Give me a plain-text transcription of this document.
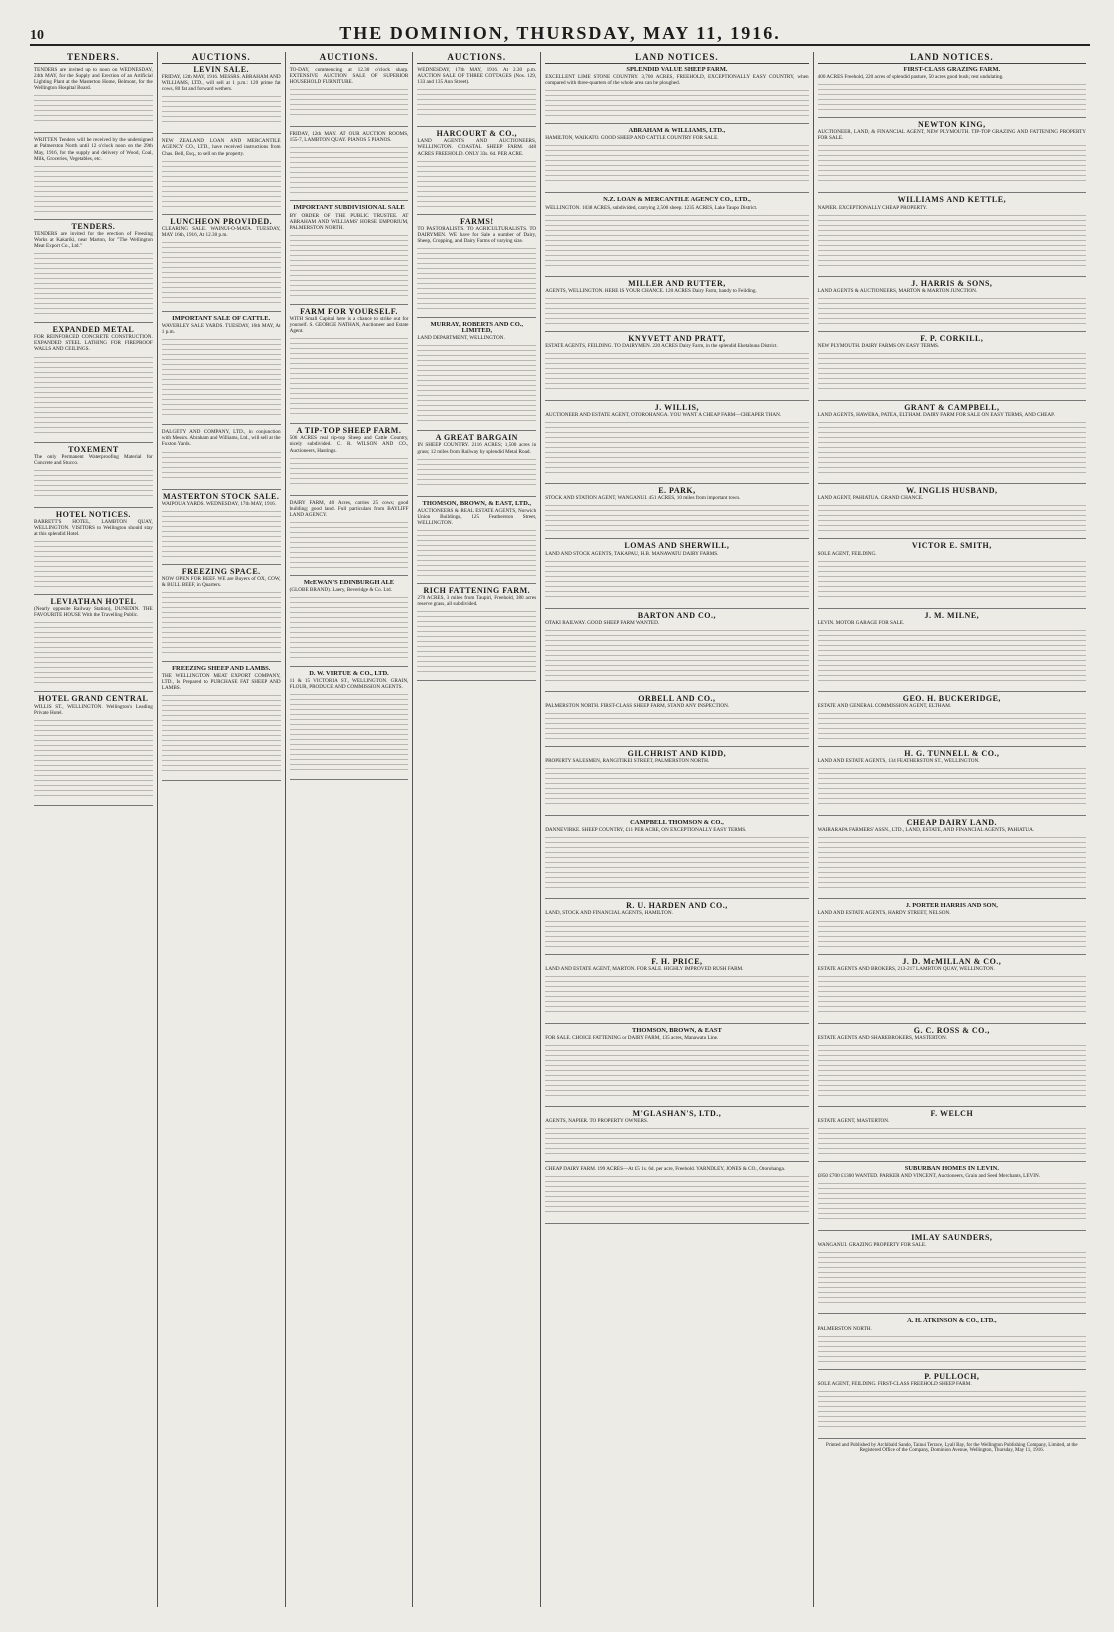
10	THE DOMINION, THURSDAY, MAY 11, 1916.
TENDERS.
TENDERS are invited up to noon on WEDNESDAY, 24th MAY, for the Supply and Erection of an Artificial Lighting Plant at the Masterton Home, Belmont, for the Wellington Hospital Board.
WRITTEN Tenders will be received by the undersigned at Palmerston North until 12 o'clock noon on the 29th May, 1916, for the supply and delivery of Wood, Coal, Milk, Groceries, Vegetables, etc.
TENDERS.
TENDERS are invited for the erection of Freezing Works at Kakariki, near Marton, for "The Wellington Meat Export Co., Ltd."
EXPANDED METAL
FOR REINFORCED CONCRETE CONSTRUCTION. EXPANDED STEEL LATHING FOR FIREPROOF WALLS AND CEILINGS.
TOXEMENT
The only Permanent Waterproofing Material for Concrete and Stucco.
HOTEL NOTICES.
BARRETT'S HOTEL, LAMBTON QUAY, WELLINGTON. VISITORS to Wellington should stay at this splendid Hotel.
LEVIATHAN HOTEL
(Nearly opposite Railway Station), DUNEDIN. THE FAVOURITE HOUSE With the Travelling Public.
HOTEL GRAND CENTRAL
WILLIS ST., WELLINGTON. Wellington's Leading Private Hotel.
AUCTIONS.
LEVIN SALE.
FRIDAY, 12th MAY, 1916. MESSRS. ABRAHAM AND WILLIAMS, LTD., will sell at 1 p.m.: 120 prime fat cows, 80 fat and forward wethers.
NEW ZEALAND LOAN AND MERCANTILE AGENCY CO., LTD., have received instructions from Chas. Bell, Esq., to sell on the property.
LUNCHEON PROVIDED.
CLEARING SALE. WAINUI-O-MATA. TUESDAY, MAY 16th, 1916, At 12.30 p.m.
IMPORTANT SALE OF CATTLE.
WAVERLEY SALE YARDS. TUESDAY, 16th MAY, At 1 p.m.
DALGETY AND COMPANY, LTD., in conjunction with Messrs. Abraham and Williams, Ltd., will sell at the Foxton Yards.
MASTERTON STOCK SALE.
WAIPOUA YARDS. WEDNESDAY, 17th MAY, 1916.
FREEZING SPACE.
NOW OPEN FOR BEEF. WE are Buyers of OX, COW, & BULL BEEF, in Quarters.
FREEZING SHEEP AND LAMBS.
THE WELLINGTON MEAT EXPORT COMPANY, LTD., Is Prepared to PURCHASE FAT SHEEP AND LAMBS.
AUCTIONS.
TO-DAY, commencing at 12.30 o'clock sharp. EXTENSIVE AUCTION SALE OF SUPERIOR HOUSEHOLD FURNITURE.
FRIDAY, 12th MAY. AT OUR AUCTION ROOMS, 155-7, LAMBTON QUAY. PIANOS 5 PIANOS.
IMPORTANT SUBDIVISIONAL SALE
BY ORDER OF THE PUBLIC TRUSTEE. AT ABRAHAM AND WILLIAMS' HORSE EMPORIUM, PALMERSTON NORTH.
FARM FOR YOURSELF.
WITH Small Capital here is a chance to strike out for yourself. S. GEORGE NATHAN, Auctioneer and Estate Agent.
A TIP-TOP SHEEP FARM.
506 ACRES real tip-top Sheep and Cattle Country, nicely subdivided. C. R. WILSON AND CO., Auctioneers, Hastings.
DAIRY FARM, 40 Acres, carries 25 cows; good building; good land. Full particulars from BAYLIFF LAND AGENCY.
McEWAN'S EDINBURGH ALE
(GLOBE BRAND). Laery, Beveridge & Co. Ltd.
D. W. VIRTUE & CO., LTD.
11 & 15 VICTORIA ST., WELLINGTON. GRAIN, FLOUR, PRODUCE AND COMMISSION AGENTS.
AUCTIONS.
WEDNESDAY, 17th MAY, 1916. At 2.30 p.m. AUCTION SALE OF THREE COTTAGES (Nos. 129, 133 and 135 Ann Street).
HARCOURT & CO.,
LAND AGENTS AND AUCTIONEERS, WELLINGTON. COASTAL SHEEP FARM. 440 ACRES FREEHOLD. ONLY 33s. 6d. PER ACRE.
FARMS!
TO PASTORALISTS. TO AGRICULTURALISTS. TO DAIRYMEN. WE have for Sale a number of Dairy, Sheep, Cropping, and Dairy Farms of varying size.
MURRAY, ROBERTS AND CO., LIMITED,
LAND DEPARTMENT, WELLINGTON.
A GREAT BARGAIN
IN SHEEP COUNTRY. 2116 ACRES; 1,500 acres in grass; 12 miles from Railway by splendid Metal Road.
THOMSON, BROWN, & EAST, LTD.,
AUCTIONEERS & REAL ESTATE AGENTS, Norwich Union Buildings, 125 Featherston Street, WELLINGTON.
RICH FATTENING FARM.
270 ACRES, 3 miles from Taupiri, Freehold, 380 acres reserve grass, all subdivided.
LAND NOTICES.
SPLENDID VALUE SHEEP FARM.
EXCELLENT LIME STONE COUNTRY. 3,700 ACRES, FREEHOLD, EXCEPTIONALLY EASY COUNTRY, when compared with three-quarters of the whole area can be ploughed.
ABRAHAM & WILLIAMS, LTD.,
HAMILTON, WAIKATO. GOOD SHEEP AND CATTLE COUNTRY FOR SALE.
N.Z. LOAN & MERCANTILE AGENCY CO., LTD.,
WELLINGTON. 1038 ACRES, subdivided, carrying 2,500 sheep. 1235 ACRES, Lake Taupo District.
MILLER AND RUTTER,
AGENTS, WELLINGTON. HERE IS YOUR CHANCE. 120 ACRES Dairy Farm, handy to Feilding.
KNYVETT AND PRATT,
ESTATE AGENTS, FEILDING. TO DAIRYMEN. 220 ACRES Dairy Farm, in the splendid Eketahuna District.
J. WILLIS,
AUCTIONEER AND ESTATE AGENT, OTOROHANGA. YOU WANT A CHEAP FARM—CHEAPER THAN.
E. PARK,
STOCK AND STATION AGENT, WANGANUI. 451 ACRES, 10 miles from important town.
LOMAS AND SHERWILL,
LAND AND STOCK AGENTS, TAKAPAU, H.B. MANAWATU DAIRY FARMS.
BARTON AND CO.,
OTAKI RAILWAY. GOOD SHEEP FARM WANTED.
ORBELL AND CO.,
PALMERSTON NORTH. FIRST-CLASS SHEEP FARM, STAND ANY INSPECTION.
GILCHRIST AND KIDD,
PROPERTY SALESMEN, RANGITIKEI STREET, PALMERSTON NORTH.
CAMPBELL THOMSON & CO.,
DANNEVIRKE. SHEEP COUNTRY, £11 PER ACRE, ON EXCEPTIONALLY EASY TERMS.
R. U. HARDEN AND CO.,
LAND, STOCK AND FINANCIAL AGENTS, HAMILTON.
F. H. PRICE,
LAND AND ESTATE AGENT, MARTON. FOR SALE. HIGHLY IMPROVED RUSH FARM.
THOMSON, BROWN, & EAST
FOR SALE. CHOICE FATTENING or DAIRY FARM, 135 acres, Manawatu Line.
M'GLASHAN'S, LTD.,
AGENTS, NAPIER. TO PROPERTY OWNERS.
CHEAP DAIRY FARM. 199 ACRES—At £5 1s. 6d. per acre, Freehold. YARNDLEY, JONES & CO., Otorohanga.
LAND NOTICES.
FIRST-CLASS GRAZING FARM.
400 ACRES Freehold, 220 acres of splendid pasture, 50 acres good bush; rest undulating.
NEWTON KING,
AUCTIONEER, LAND, & FINANCIAL AGENT, NEW PLYMOUTH. TIP-TOP GRAZING AND FATTENING PROPERTY FOR SALE.
WILLIAMS AND KETTLE,
NAPIER. EXCEPTIONALLY CHEAP PROPERTY.
J. HARRIS & SONS,
LAND AGENTS & AUCTIONEERS, MARTON & MARTON JUNCTION.
F. P. CORKILL,
NEW PLYMOUTH. DAIRY FARMS ON EASY TERMS.
GRANT & CAMPBELL,
LAND AGENTS, HAWERA, PATEA, ELTHAM. DAIRY FARM FOR SALE ON EASY TERMS, AND CHEAP.
W. INGLIS HUSBAND,
LAND AGENT, PAHIATUA. GRAND CHANCE.
VICTOR E. SMITH,
SOLE AGENT, FEILDING.
J. M. MILNE,
LEVIN. MOTOR GARAGE FOR SALE.
GEO. H. BUCKERIDGE,
ESTATE AND GENERAL COMMISSION AGENT, ELTHAM.
H. G. TUNNELL & CO.,
LAND AND ESTATE AGENTS, 134 FEATHERSTON ST., WELLINGTON.
CHEAP DAIRY LAND.
WAIRARAPA FARMERS' ASSN., LTD., LAND, ESTATE, AND FINANCIAL AGENTS, PAHIATUA.
J. PORTER HARRIS AND SON,
LAND AND ESTATE AGENTS, HARDY STREET, NELSON.
J. D. McMILLAN & CO.,
ESTATE AGENTS AND BROKERS, 213-217 LAMBTON QUAY, WELLINGTON.
G. C. ROSS & CO.,
ESTATE AGENTS AND SHAREBROKERS, MASTERTON.
F. WELCH
ESTATE AGENT, MASTERTON.
SUBURBAN HOMES IN LEVIN.
£850 £700 £1300 WANTED. PARKER AND VINCENT, Auctioneers, Grain and Seed Merchants, LEVIN.
IMLAY SAUNDERS,
WANGANUI. GRAZING PROPERTY FOR SALE.
A. H. ATKINSON & CO., LTD.,
PALMERSTON NORTH.
P. PULLOCH,
SOLE AGENT, FEILDING. FIRST-CLASS FREEHOLD SHEEP FARM.
Printed and Published by Archibald Sando, Tainui Terrace, Lyall Bay, for the Wellington Publishing Company, Limited, at the Registered Office of the Company, Dominion Avenue, Wellington, Thursday, May 11, 1916.
